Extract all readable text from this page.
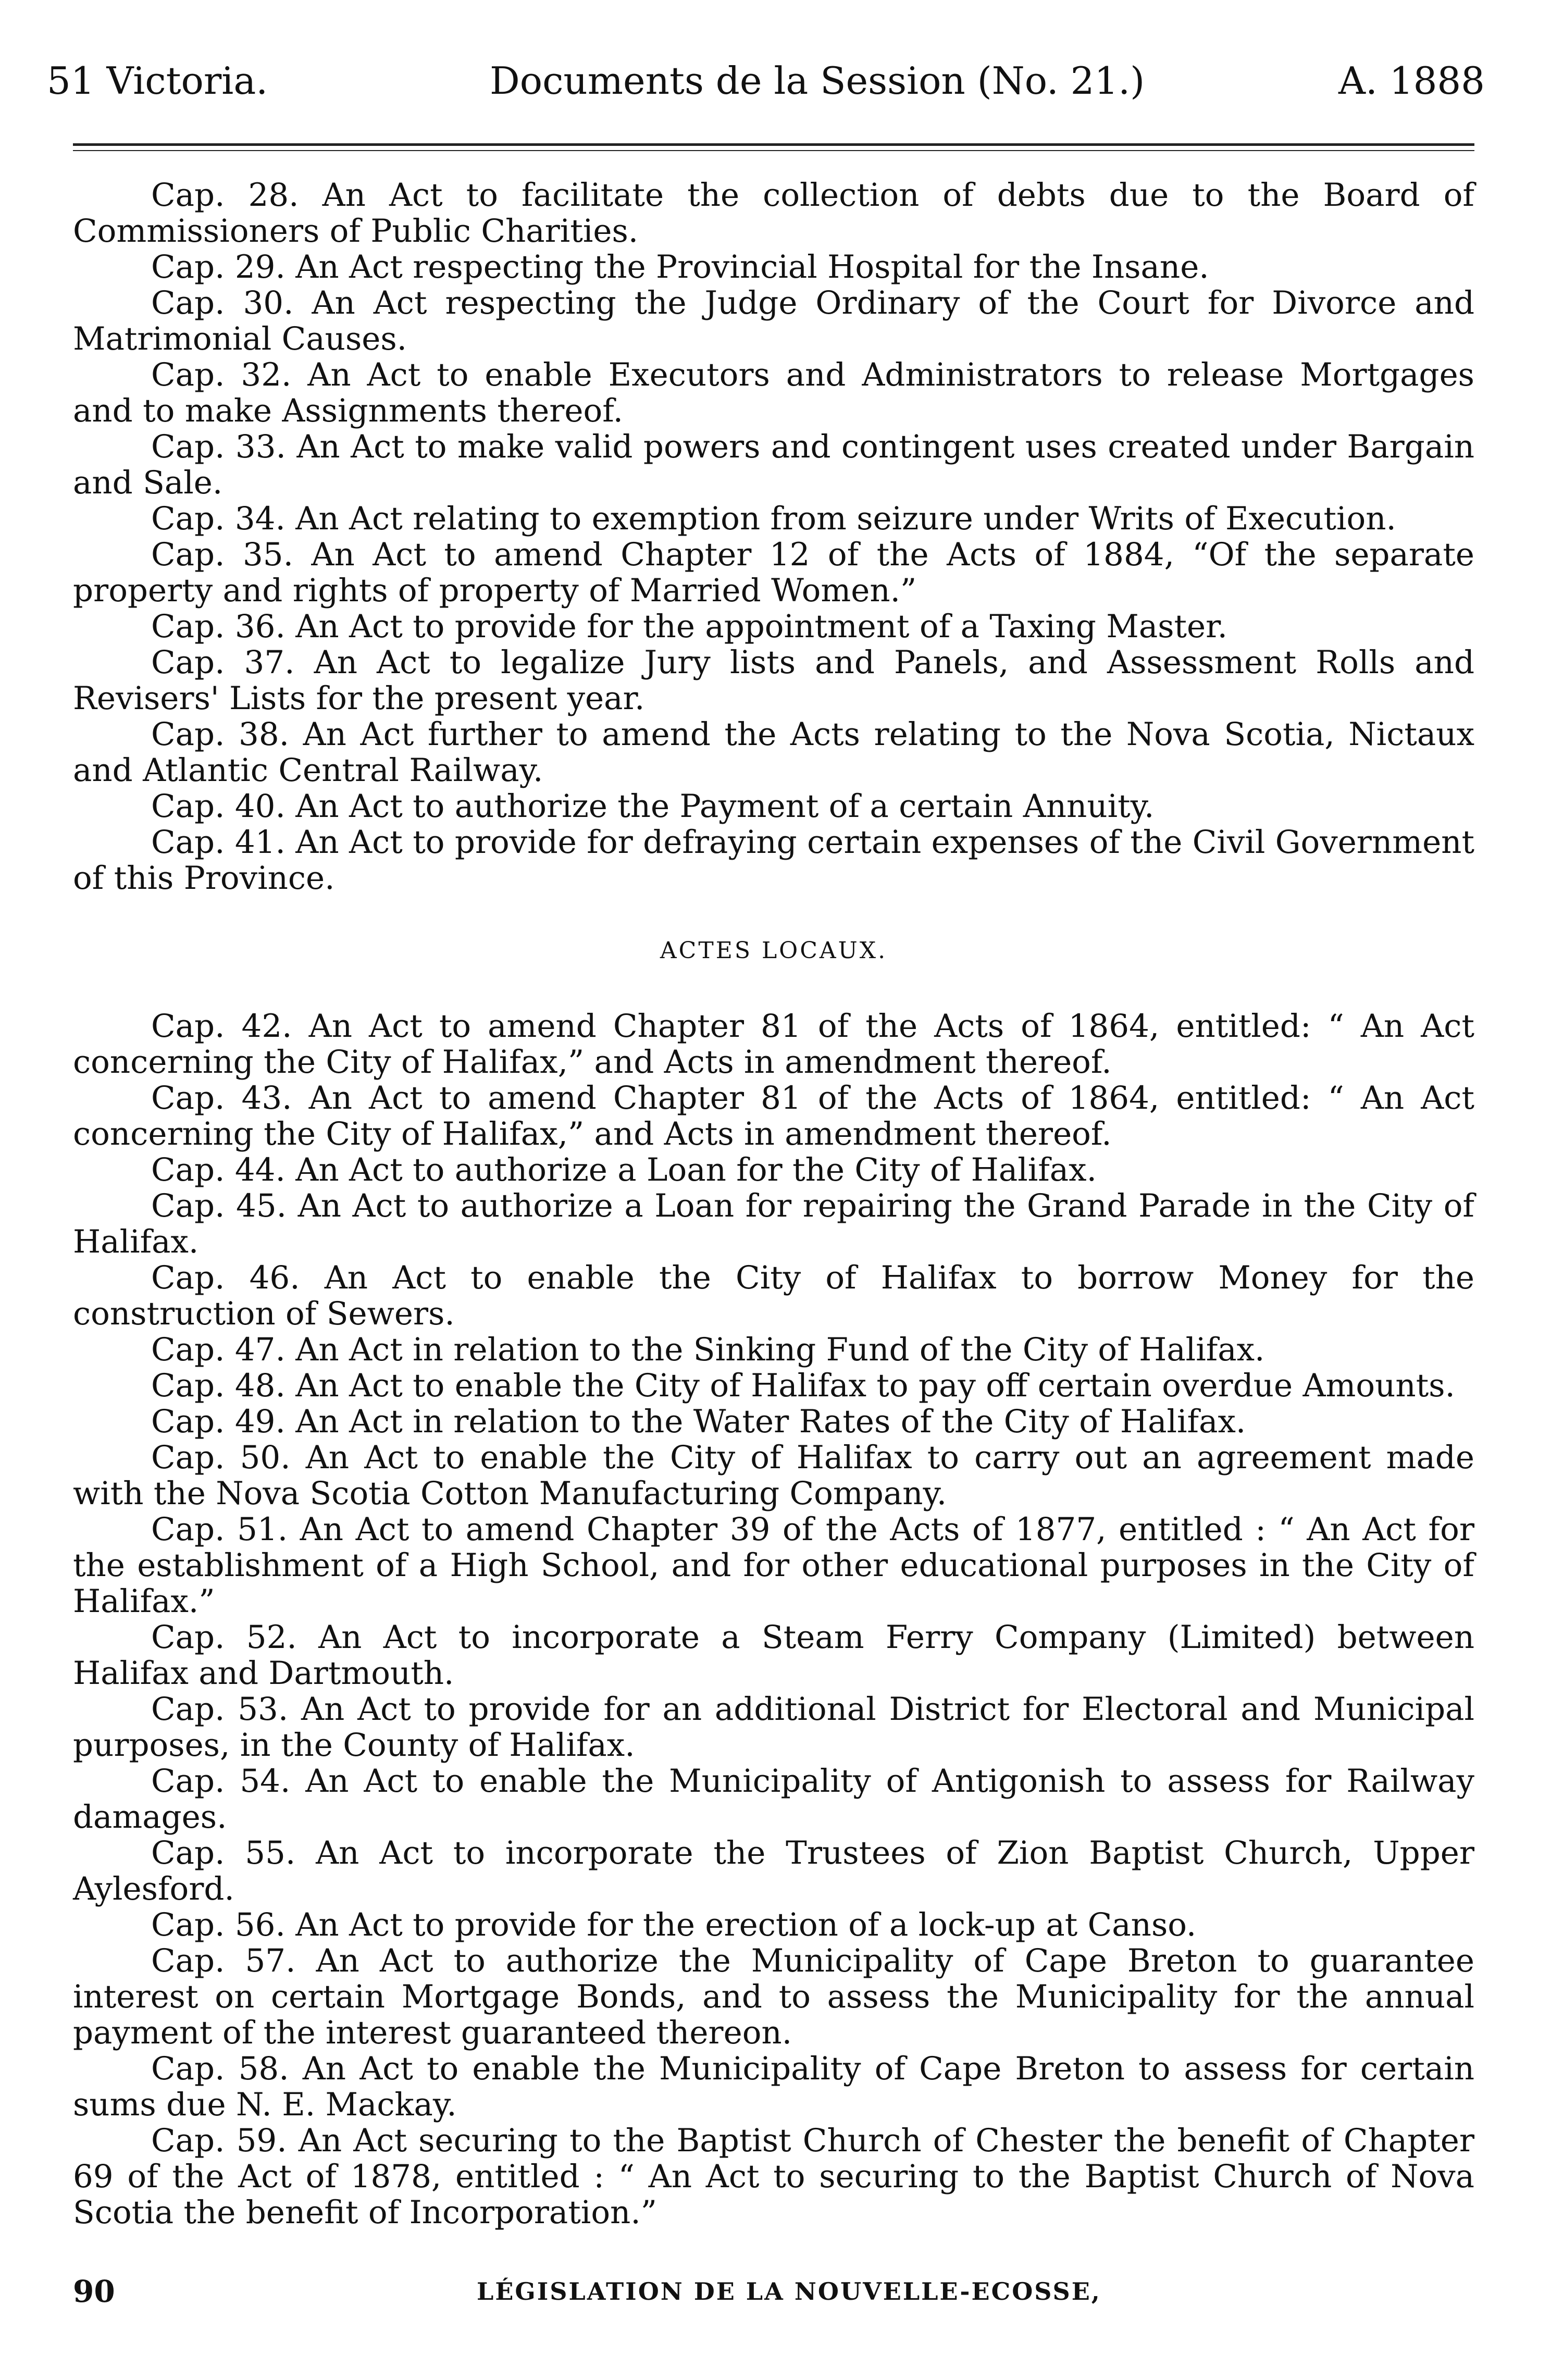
51 Victoria.	Documents de la Session (No. 21.)	A. 1888

Cap. 28. An Act to facilitate the collection of debts due to the Board of Commissioners of Public Charities.

Cap. 29. An Act respecting the Provincial Hospital for the Insane.

Cap. 30. An Act respecting the Judge Ordinary of the Court for Divorce and Matrimonial Causes.

Cap. 32. An Act to enable Executors and Administrators to release Mortgages and to make Assignments thereof.

Cap. 33. An Act to make valid powers and contingent uses created under Bargain and Sale.

Cap. 34. An Act relating to exemption from seizure under Writs of Execution.

Cap. 35. An Act to amend Chapter 12 of the Acts of 1884, “Of the separate property and rights of property of Married Women.”

Cap. 36. An Act to provide for the appointment of a Taxing Master.

Cap. 37. An Act to legalize Jury lists and Panels, and Assessment Rolls and Revisers' Lists for the present year.

Cap. 38. An Act further to amend the Acts relating to the Nova Scotia, Nictaux and Atlantic Central Railway.

Cap. 40. An Act to authorize the Payment of a certain Annuity.

Cap. 41. An Act to provide for defraying certain expenses of the Civil Government of this Province.

ACTES LOCAUX.

Cap. 42. An Act to amend Chapter 81 of the Acts of 1864, entitled: “ An Act concerning the City of Halifax,” and Acts in amendment thereof.

Cap. 43. An Act to amend Chapter 81 of the Acts of 1864, entitled: “ An Act concerning the City of Halifax,” and Acts in amendment thereof.

Cap. 44. An Act to authorize a Loan for the City of Halifax.

Cap. 45. An Act to authorize a Loan for repairing the Grand Parade in the City of Halifax.

Cap. 46. An Act to enable the City of Halifax to borrow Money for the construction of Sewers.

Cap. 47. An Act in relation to the Sinking Fund of the City of Halifax.

Cap. 48. An Act to enable the City of Halifax to pay off certain overdue Amounts.

Cap. 49. An Act in relation to the Water Rates of the City of Halifax.

Cap. 50. An Act to enable the City of Halifax to carry out an agreement made with the Nova Scotia Cotton Manufacturing Company.

Cap. 51. An Act to amend Chapter 39 of the Acts of 1877, entitled : “ An Act for the establishment of a High School, and for other educational purposes in the City of Halifax.”

Cap. 52. An Act to incorporate a Steam Ferry Company (Limited) between Halifax and Dartmouth.

Cap. 53. An Act to provide for an additional District for Electoral and Municipal purposes, in the County of Halifax.

Cap. 54. An Act to enable the Municipality of Antigonish to assess for Railway damages.

Cap. 55. An Act to incorporate the Trustees of Zion Baptist Church, Upper Aylesford.

Cap. 56. An Act to provide for the erection of a lock-up at Canso.

Cap. 57. An Act to authorize the Municipality of Cape Breton to guarantee interest on certain Mortgage Bonds, and to assess the Municipality for the annual payment of the interest guaranteed thereon.

Cap. 58. An Act to enable the Municipality of Cape Breton to assess for certain sums due N. E. Mackay.

Cap. 59. An Act securing to the Baptist Church of Chester the benefit of Chapter 69 of the Act of 1878, entitled : “ An Act to securing to the Baptist Church of Nova Scotia the benefit of Incorporation.”

90	LÉGISLATION DE LA NOUVELLE-ECOSSE,
